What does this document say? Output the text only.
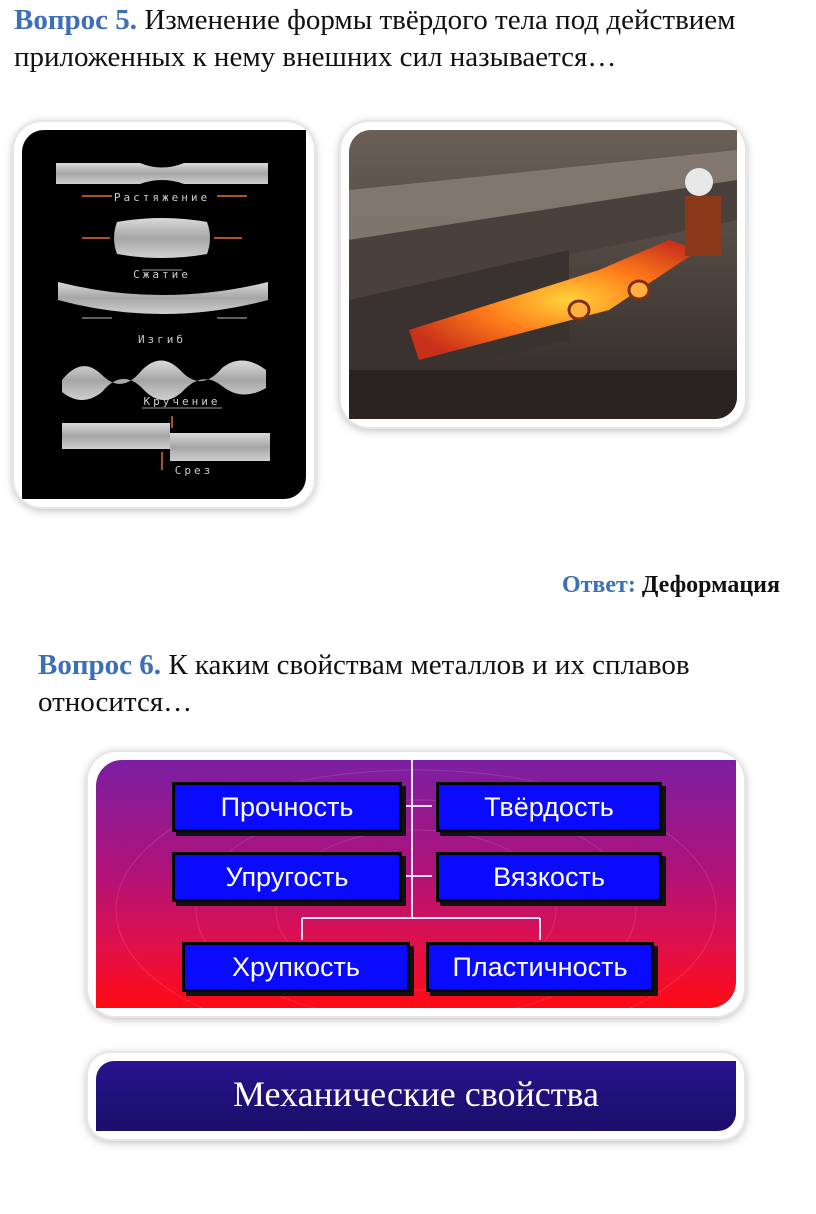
Вопрос 5. Изменение формы твёрдого тела под действием приложенных к нему внешних сил называется…

Растяжение
Сжатие
Изгиб
Кручение
Срез

Ответ: Деформация

Вопрос 6. К каким свойствам металлов и их сплавов относится…

Прочность	Твёрдость
Упругость	Вязкость
Хрупкость	Пластичность

Механические свойства
